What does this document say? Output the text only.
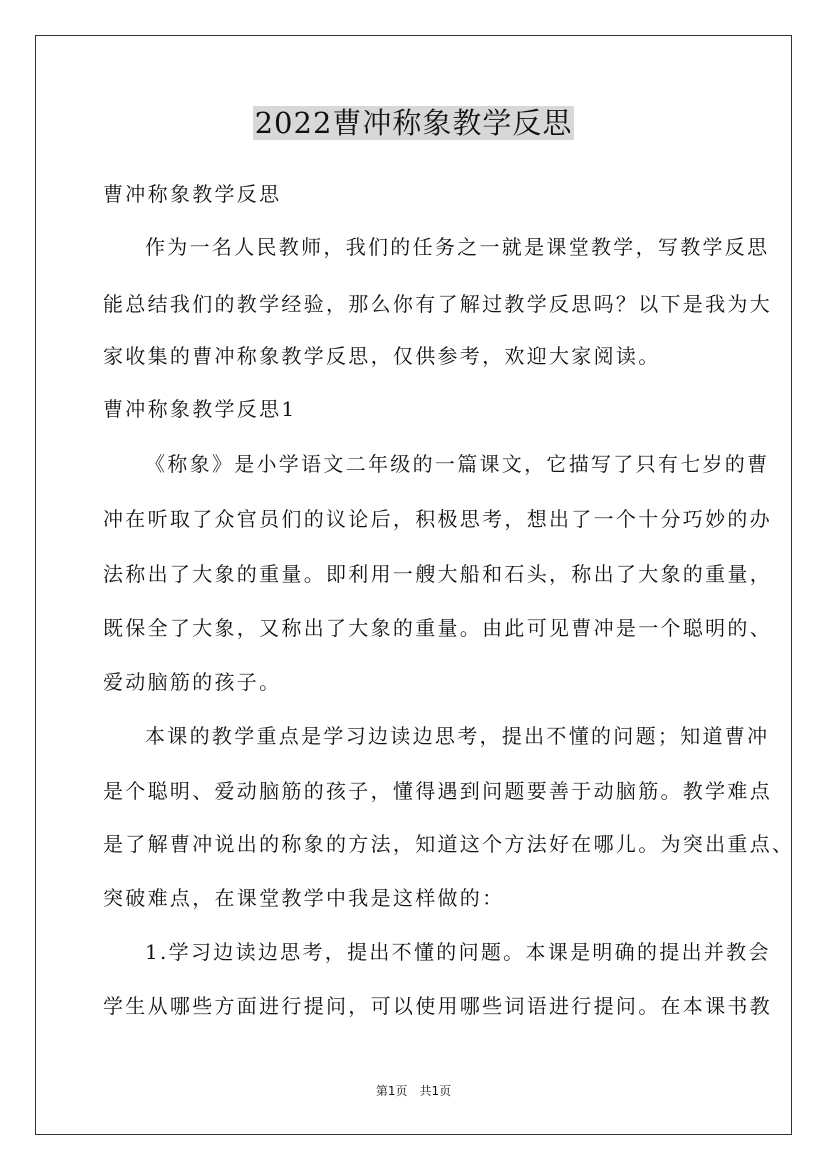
2022曹冲称象教学反思

曹冲称象教学反思

作为一名人民教师，我们的任务之一就是课堂教学，写教学反思

能总结我们的教学经验，那么你有了解过教学反思吗？以下是我为大

家收集的曹冲称象教学反思，仅供参考，欢迎大家阅读。

曹冲称象教学反思1

《称象》是小学语文二年级的一篇课文，它描写了只有七岁的曹

冲在听取了众官员们的议论后，积极思考，想出了一个十分巧妙的办

法称出了大象的重量。即利用一艘大船和石头，称出了大象的重量，

既保全了大象，又称出了大象的重量。由此可见曹冲是一个聪明的、

爱动脑筋的孩子。

本课的教学重点是学习边读边思考，提出不懂的问题；知道曹冲

是个聪明、爱动脑筋的孩子，懂得遇到问题要善于动脑筋。教学难点

是了解曹冲说出的称象的方法，知道这个方法好在哪儿。为突出重点、

突破难点，在课堂教学中我是这样做的：

1.学习边读边思考，提出不懂的问题。本课是明确的提出并教会

学生从哪些方面进行提问，可以使用哪些词语进行提问。在本课书教

第1页　共1页
